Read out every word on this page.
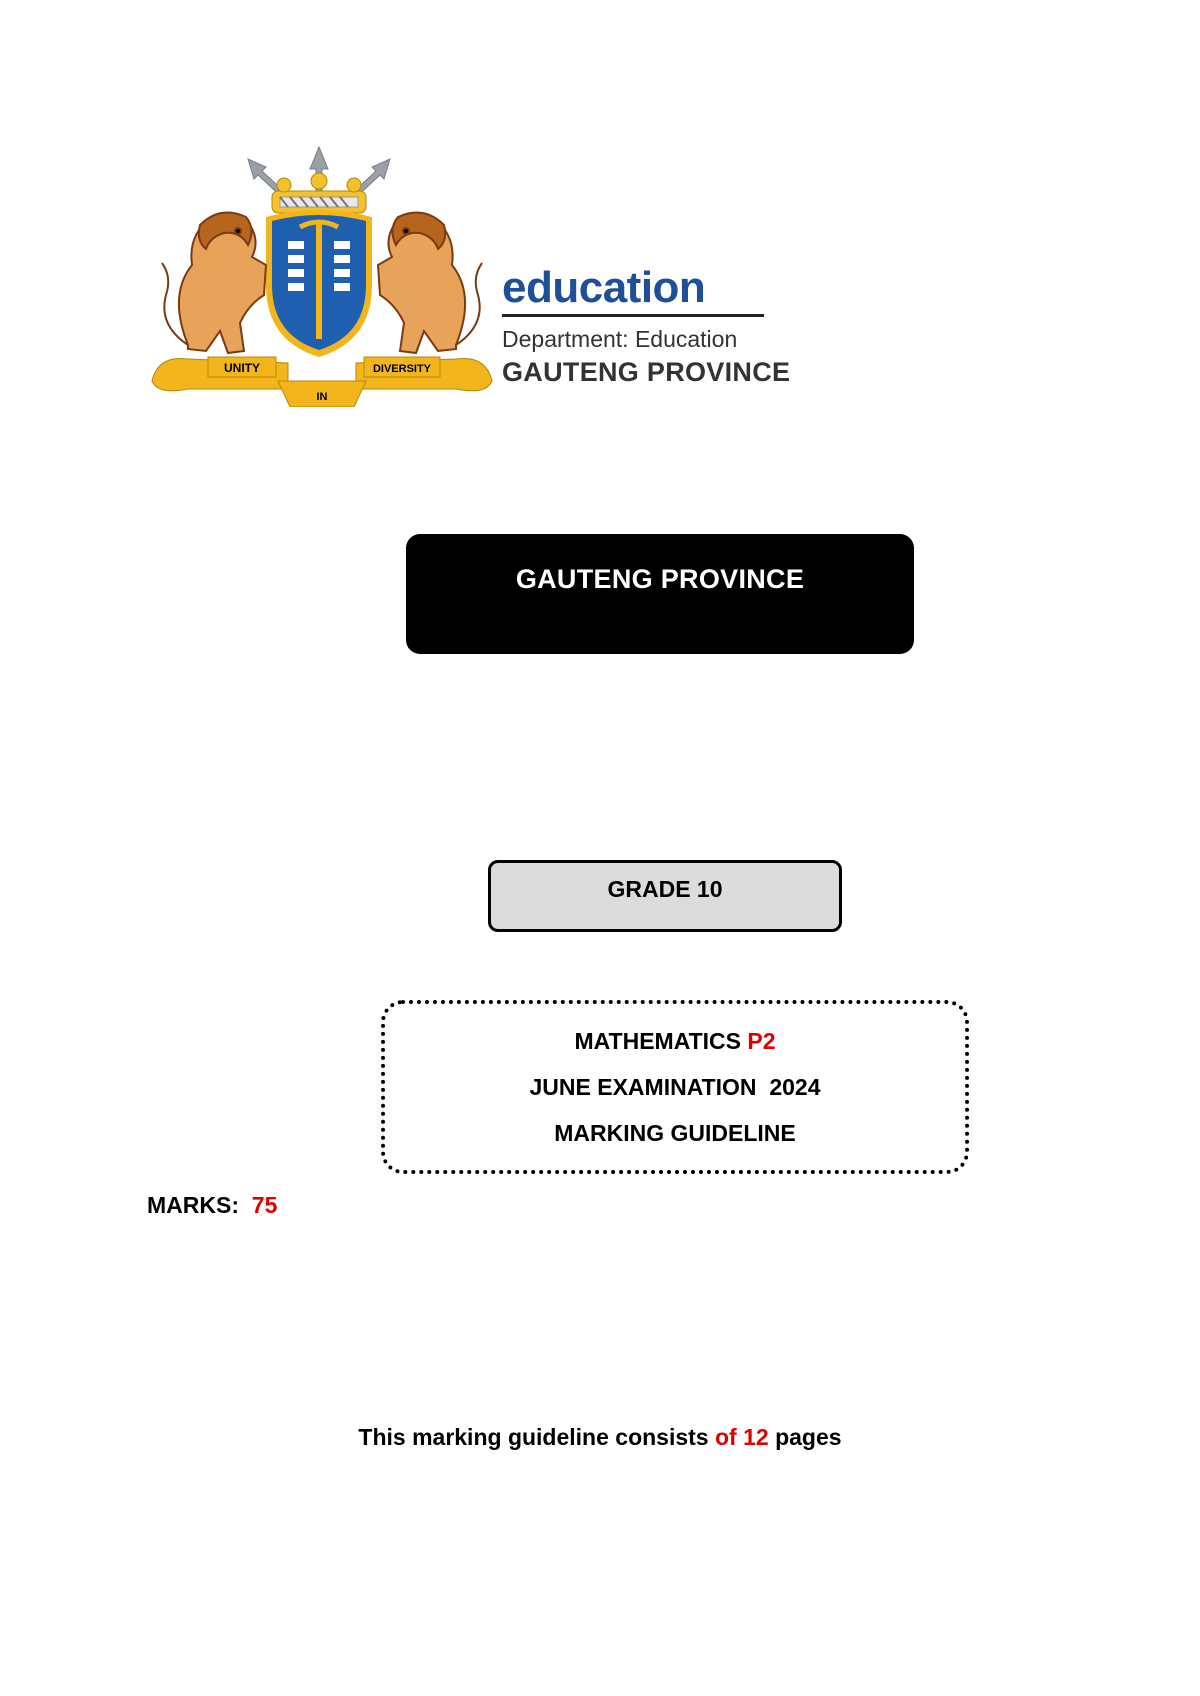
UNITY
IN
DIVERSITY
education
Department: Education
GAUTENG PROVINCE
GAUTENG PROVINCE
GRADE 10
MATHEMATICS P2
JUNE EXAMINATION 2024
MARKING GUIDELINE
MARKS: 75
This marking guideline consists of 12 pages
